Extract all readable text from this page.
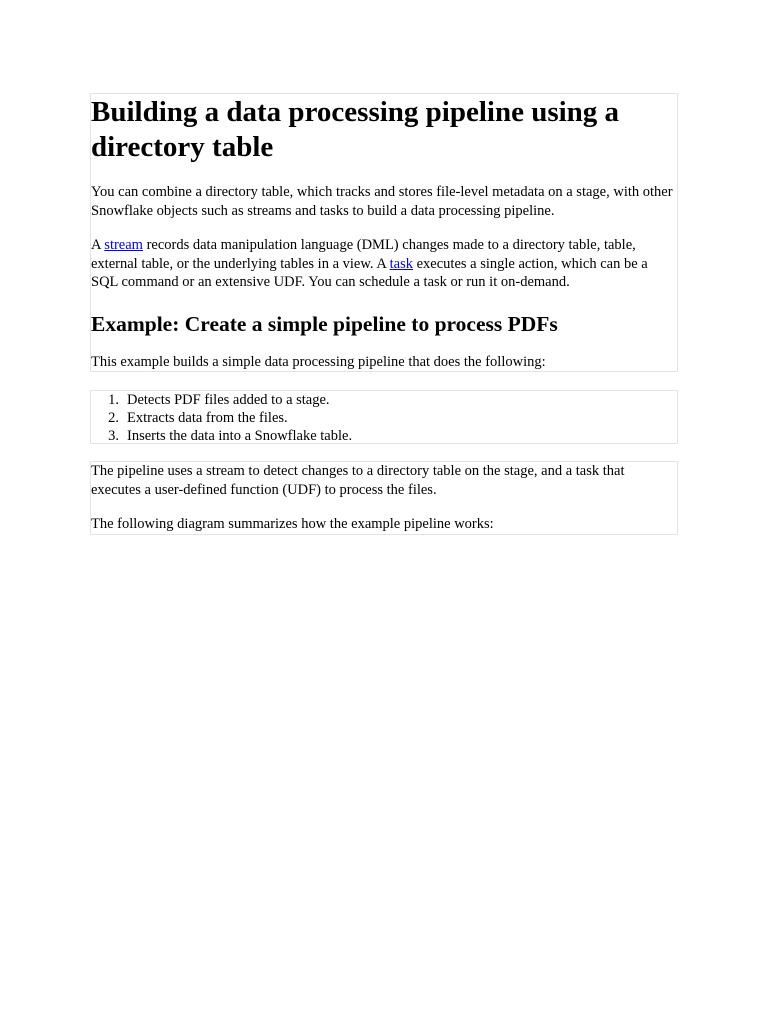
Building a data processing pipeline using a directory table

You can combine a directory table, which tracks and stores file-level metadata on a stage, with other Snowflake objects such as streams and tasks to build a data processing pipeline.

A stream records data manipulation language (DML) changes made to a directory table, table, external table, or the underlying tables in a view. A task executes a single action, which can be a SQL command or an extensive UDF. You can schedule a task or run it on-demand.

Example: Create a simple pipeline to process PDFs

This example builds a simple data processing pipeline that does the following:

1. Detects PDF files added to a stage.
2. Extracts data from the files.
3. Inserts the data into a Snowflake table.

The pipeline uses a stream to detect changes to a directory table on the stage, and a task that executes a user-defined function (UDF) to process the files.

The following diagram summarizes how the example pipeline works:
